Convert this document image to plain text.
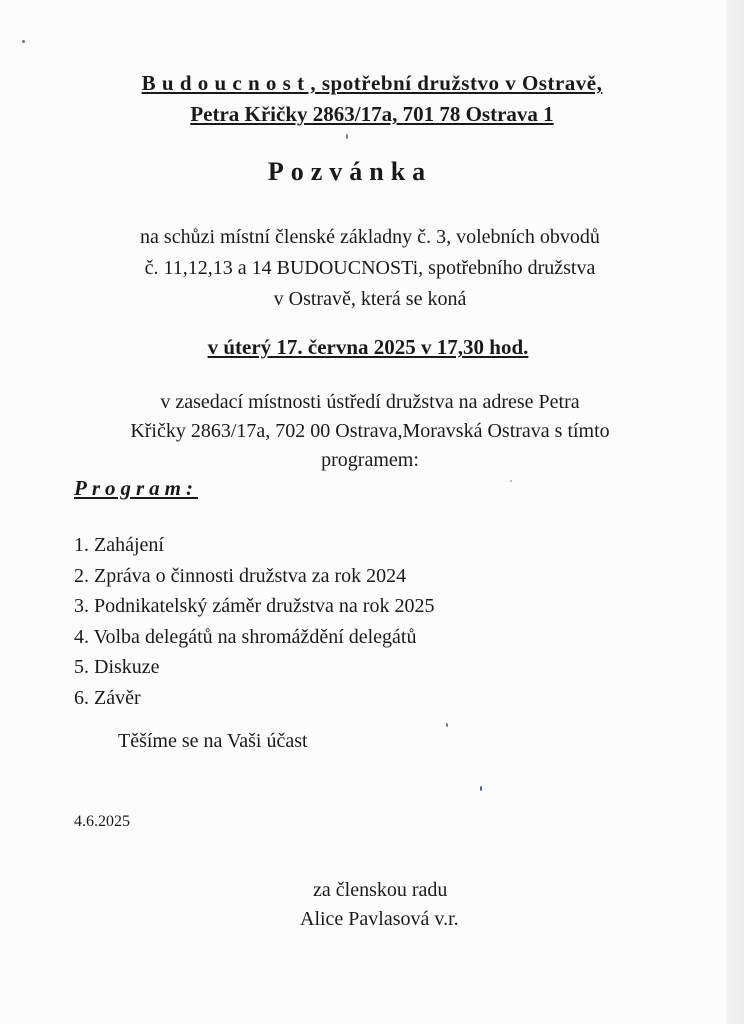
B u d o u c n o s t , spotřební družstvo v Ostravě,
Petra Křičky 2863/17a, 701 78 Ostrava 1
Pozvánka
na schůzi místní členské základny č. 3, volebních obvodů
č. 11,12,13 a 14 BUDOUCNOSTi, spotřebního družstva
v Ostravě, která se koná
v úterý 17. června 2025 v 17,30 hod.
v zasedací místnosti ústředí družstva na adrese Petra
Křičky 2863/17a, 702 00 Ostrava,Moravská Ostrava s tímto
programem:
Program:
1. Zahájení
2. Zpráva o činnosti družstva za rok 2024
3. Podnikatelský záměr družstva na rok 2025
4. Volba delegátů na shromáždění delegátů
5. Diskuze
6. Závěr
Těšíme se na Vaši účast
4.6.2025
za členskou radu
Alice Pavlasová v.r.
